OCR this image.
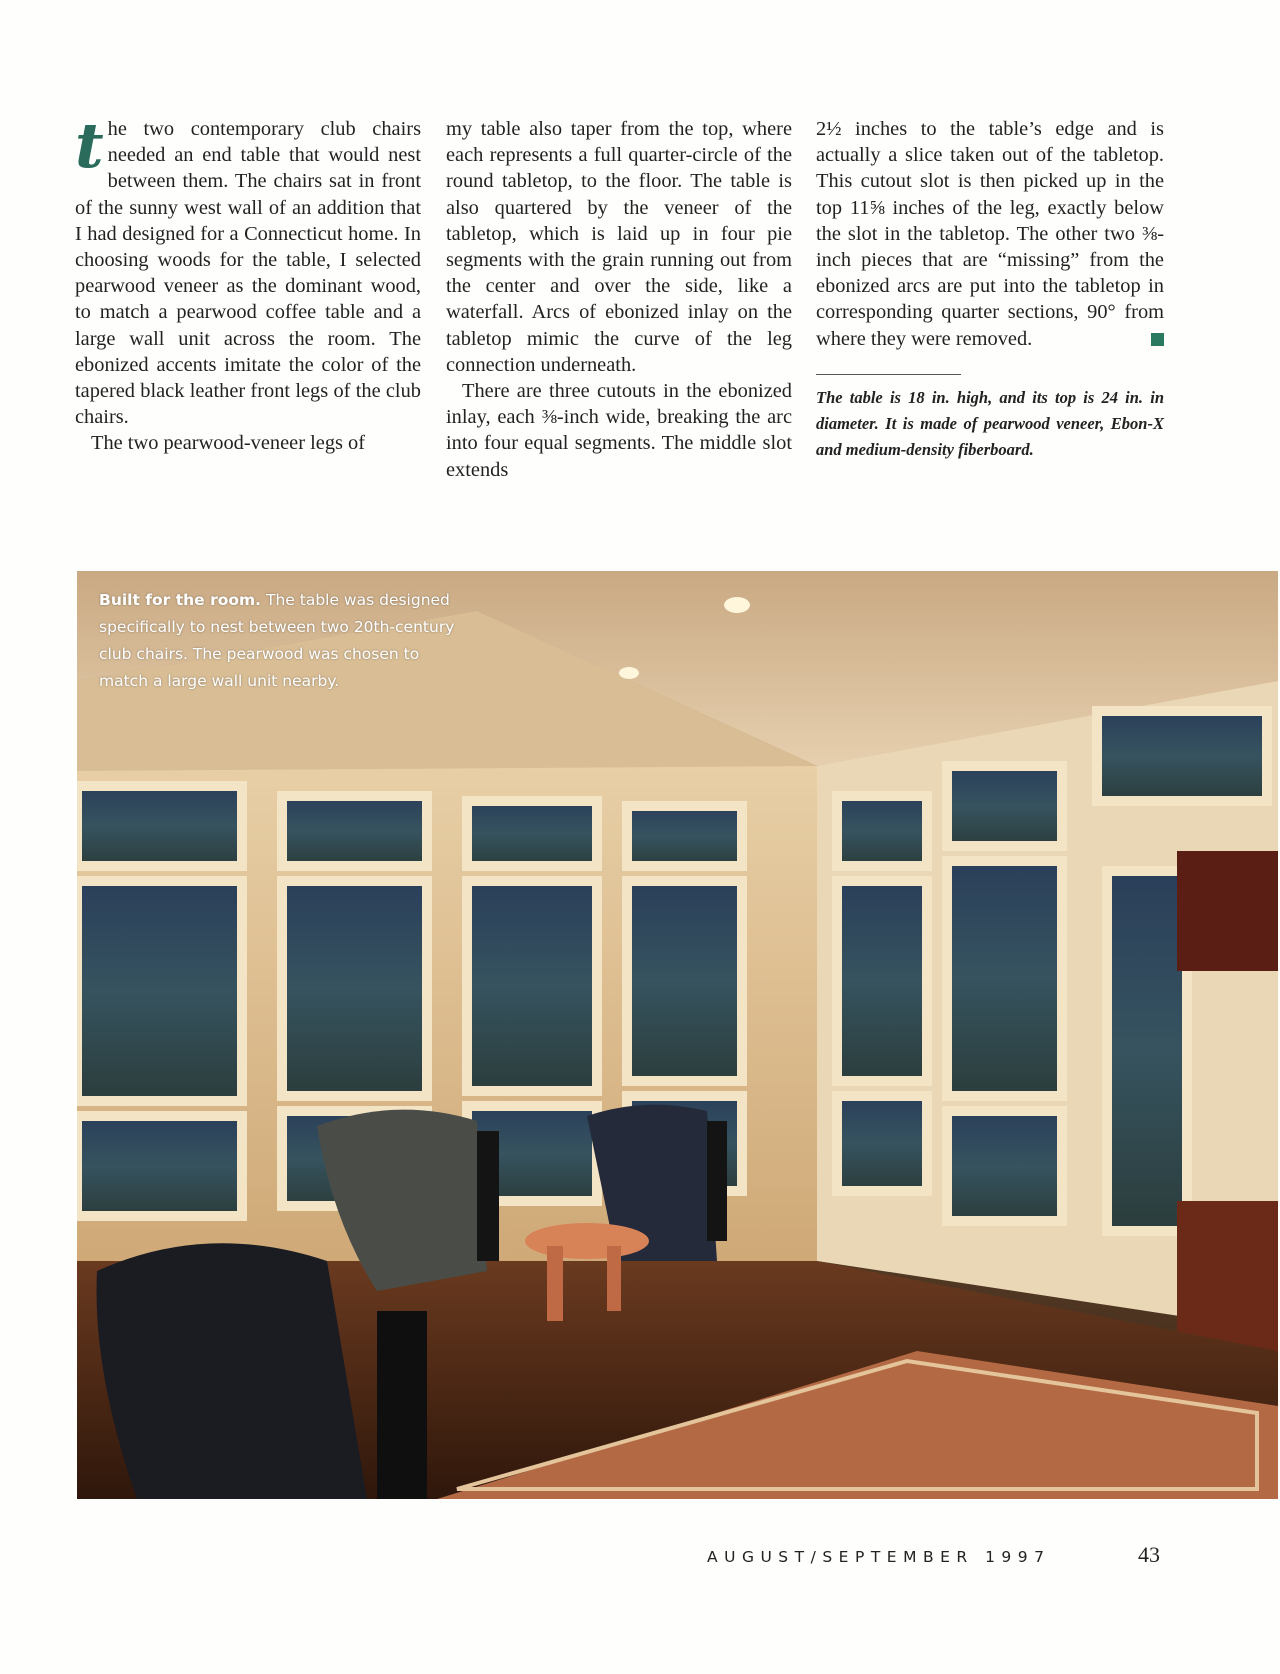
the two contemporary club chairs needed an end table that would nest between them. The chairs sat in front of the sunny west wall of an addition that I had designed for a Connecticut home. In choosing woods for the table, I selected pearwood veneer as the dominant wood, to match a pearwood coffee table and a large wall unit across the room. The ebonized accents imitate the color of the tapered black leather front legs of the club chairs.

The two pearwood-veneer legs of

my table also taper from the top, where each represents a full quarter-circle of the round tabletop, to the floor. The table is also quartered by the veneer of the tabletop, which is laid up in four pie segments with the grain running out from the center and over the side, like a waterfall. Arcs of ebonized inlay on the tabletop mimic the curve of the leg connection underneath.

There are three cutouts in the ebonized inlay, each ⅜-inch wide, breaking the arc into four equal segments. The middle slot extends

2½ inches to the table’s edge and is actually a slice taken out of the tabletop. This cutout slot is then picked up in the top 11⅝ inches of the leg, exactly below the slot in the tabletop. The other two ⅜-inch pieces that are “missing” from the ebonized arcs are put into the tabletop in corresponding quarter sections, 90° from where they were removed.

The table is 18 in. high, and its top is 24 in. in diameter. It is made of pearwood veneer, Ebon-X and medium-density fiberboard.
Built for the room. The table was designed specifically to nest between two 20th-century club chairs. The pearwood was chosen to match a large wall unit nearby.
AUGUST/SEPTEMBER 1997	43
